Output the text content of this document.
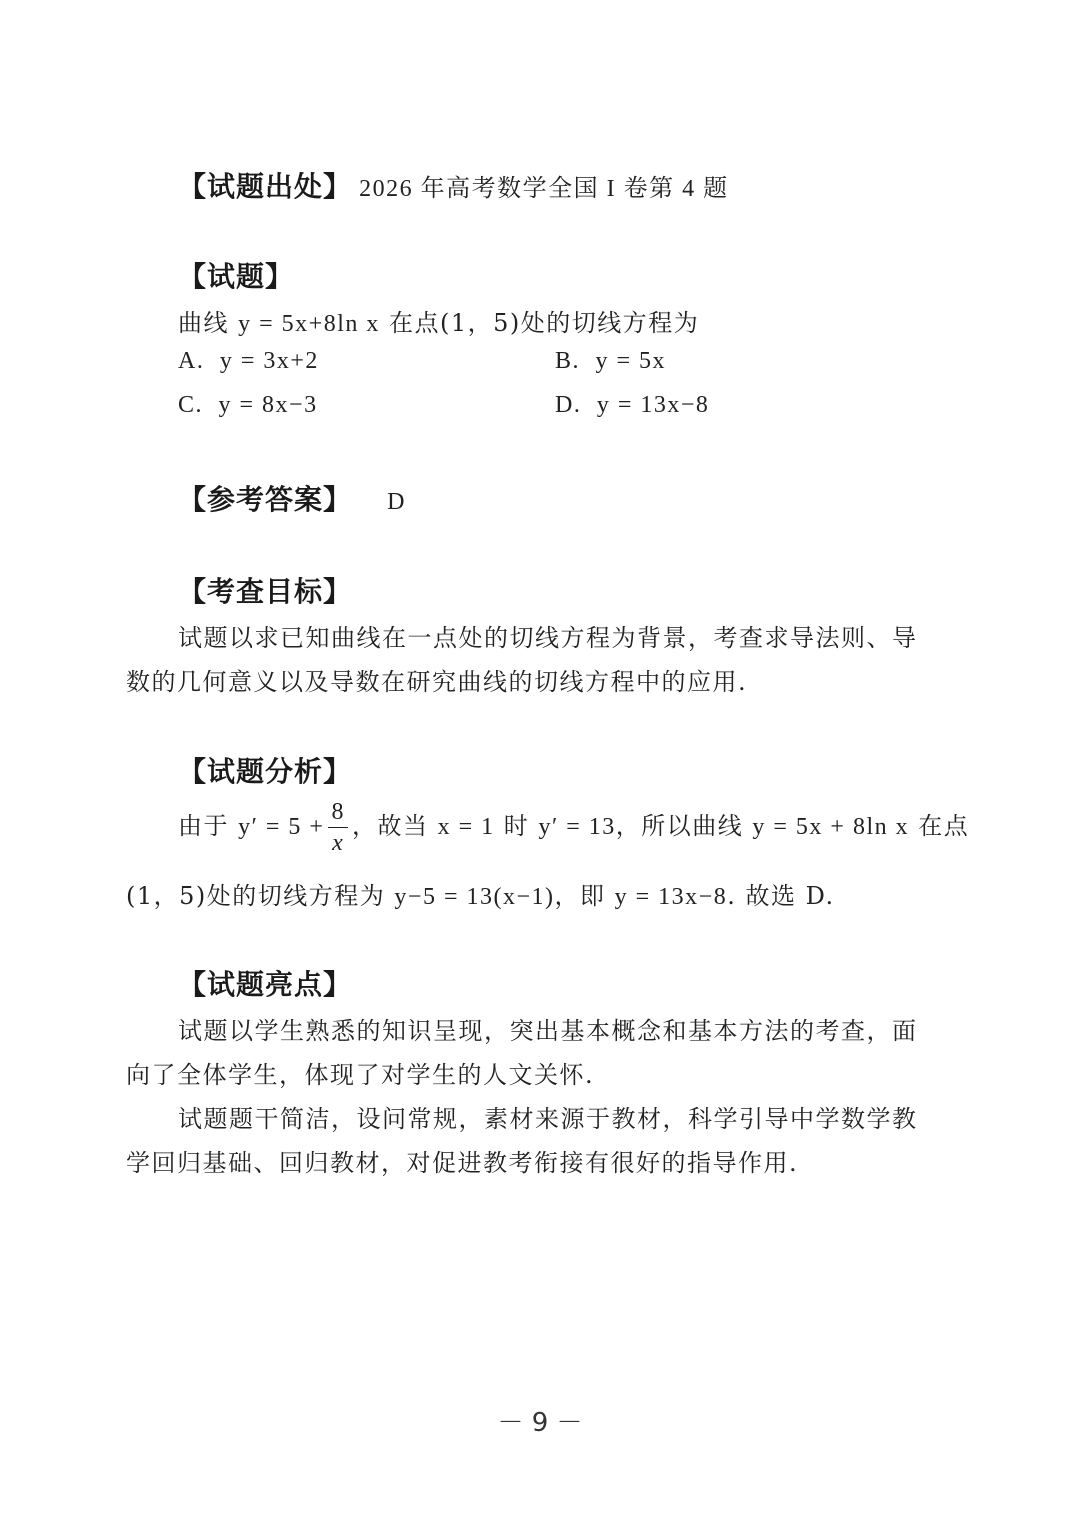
【试题出处】 2026 年高考数学全国 I 卷第 4 题
【试题】
曲线 y = 5x+8ln x 在点(1，5)处的切线方程为
A. y = 3x+2	B. y = 5x
C. y = 8x−3	D. y = 13x−8
【参考答案】 D
【考查目标】
试题以求已知曲线在一点处的切线方程为背景，考查求导法则、导
数的几何意义以及导数在研究曲线的切线方程中的应用.
【试题分析】
由于 $y' = 5 + \frac{8}{x}$ ，故当 x = 1 时 y′ = 13，所以曲线 y = 5x + 8ln x 在点
(1，5)处的切线方程为 y−5 = 13(x−1)，即 y = 13x−8. 故选 D.
【试题亮点】
试题以学生熟悉的知识呈现，突出基本概念和基本方法的考查，面
向了全体学生，体现了对学生的人文关怀.
试题题干简洁，设问常规，素材来源于教材，科学引导中学数学教
学回归基础、回归教材，对促进教考衔接有很好的指导作用.
－ 9 －
